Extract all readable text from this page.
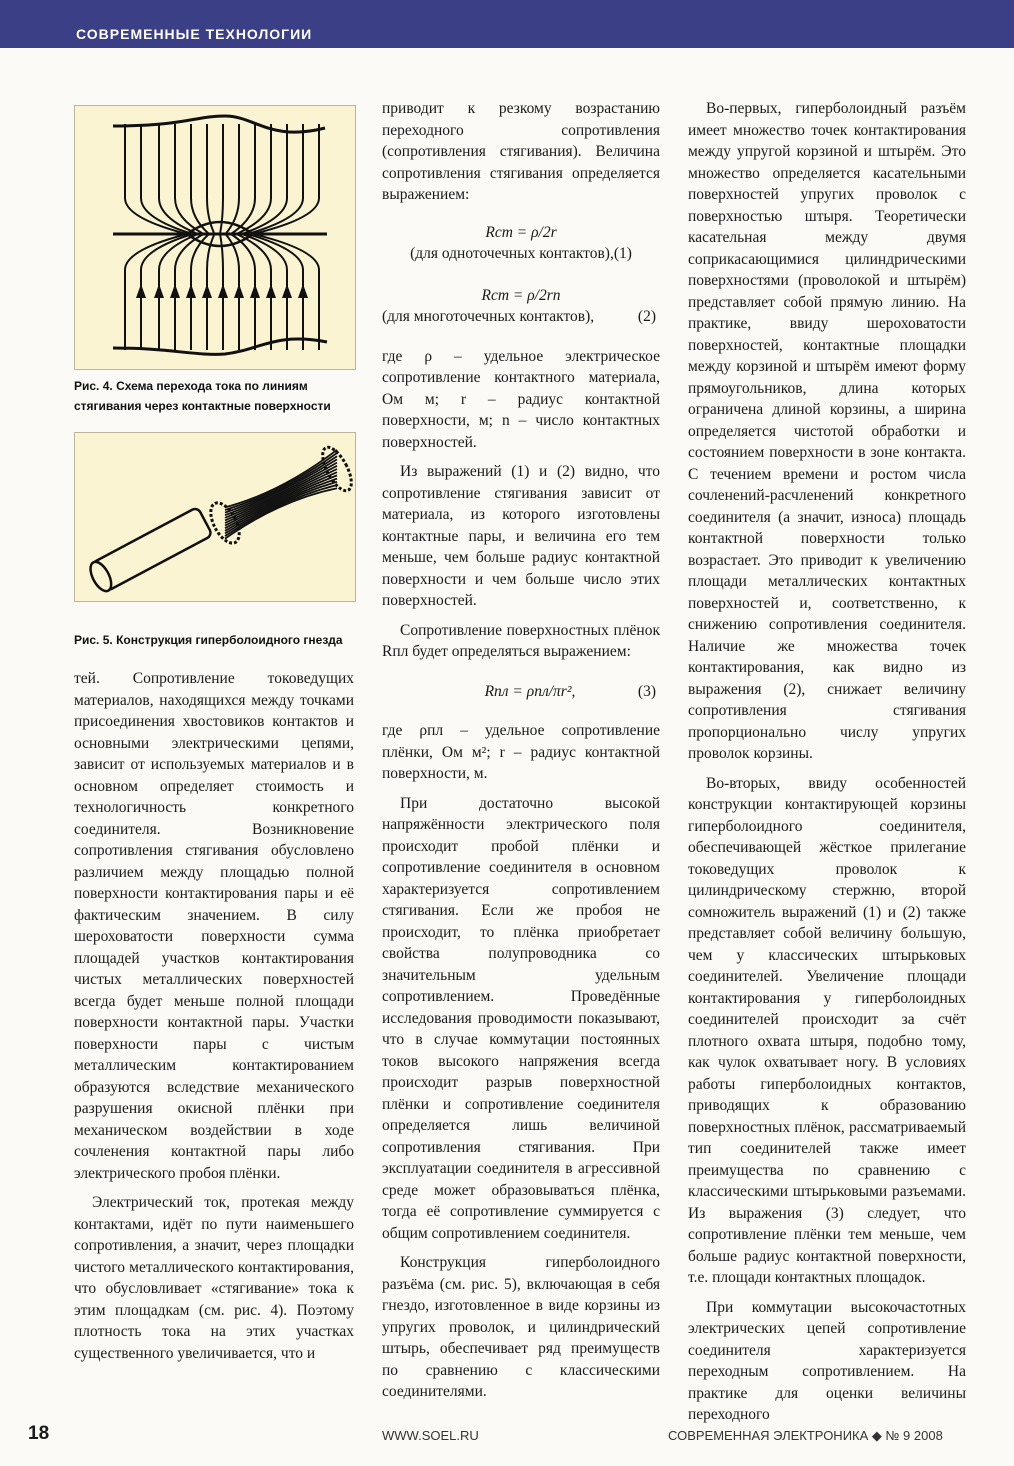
СОВРЕМЕННЫЕ ТЕХНОЛОГИИ
Рис. 4. Схема перехода тока по линиям
стягивания через контактные поверхности
Рис. 5. Конструкция гиперболоидного гнезда

тей. Сопротивление токоведущих материалов, находящихся между точками присоединения хвостовиков контактов и основными электрическими цепями, зависит от используемых материалов и в основном определяет стоимость и технологичность конкретного соединителя. Возникновение сопротивления стягивания обусловлено различием между площадью полной поверхности контактирования пары и её фактическим значением. В силу шероховатости поверхности сумма площадей участков контактирования чистых металлических поверхностей всегда будет меньше полной площади поверхности контактной пары. Участки поверхности пары с чистым металлическим контактированием образуются вследствие механического разрушения окисной плёнки при механическом воздействии в ходе сочленения контактной пары либо электрического пробоя плёнки.

Электрический ток, протекая между контактами, идёт по пути наименьшего сопротивления, а значит, через площадки чистого металлического контактирования, что обусловливает «стягивание» тока к этим площадкам (см. рис. 4). Поэтому плотность тока на этих участках существенного увеличивается, что и

приводит к резкому возрастанию переходного сопротивления (сопротивления стягивания). Величина сопротивления стягивания определяется выражением:

Rст = ρ/2r
(для одноточечных контактов),(1)
Rст = ρ/2rn
(для многоточечных контактов),	(2)

где ρ – удельное электрическое сопротивление контактного материала, Ом м; r – радиус контактной поверхности, м; n – число контактных поверхностей.

Из выражений (1) и (2) видно, что сопротивление стягивания зависит от материала, из которого изготовлены контактные пары, и величина его тем меньше, чем больше радиус контактной поверхности и чем больше число этих поверхностей.

Сопротивление поверхностных плёнок Rпл будет определяться выражением:

Rпл = ρпл/πr²,	(3)

где ρпл – удельное сопротивление плёнки, Ом м²; r – радиус контактной поверхности, м.

При достаточно высокой напряжённости электрического поля происходит пробой плёнки и сопротивление соединителя в основном характеризуется сопротивлением стягивания. Если же пробоя не происходит, то плёнка приобретает свойства полупроводника со значительным удельным сопротивлением. Проведённые исследования проводимости показывают, что в случае коммутации постоянных токов высокого напряжения всегда происходит разрыв поверхностной плёнки и сопротивление соединителя определяется лишь величиной сопротивления стягивания. При эксплуатации соединителя в агрессивной среде может образовываться плёнка, тогда её сопротивление суммируется с общим сопротивлением соединителя.

Конструкция гиперболоидного разъёма (см. рис. 5), включающая в себя гнездо, изготовленное в виде корзины из упругих проволок, и цилиндрический штырь, обеспечивает ряд преимуществ по сравнению с классическими соединителями.

Во-первых, гиперболоидный разъём имеет множество точек контактирования между упругой корзиной и штырём. Это множество определяется касательными поверхностей упругих проволок с поверхностью штыря. Теоретически касательная между двумя соприкасающимися цилиндрическими поверхностями (проволокой и штырём) представляет собой прямую линию. На практике, ввиду шероховатости поверхностей, контактные площадки между корзиной и штырём имеют форму прямоугольников, длина которых ограничена длиной корзины, а ширина определяется чистотой обработки и состоянием поверхности в зоне контакта. С течением времени и ростом числа сочленений-расчленений конкретного соединителя (а значит, износа) площадь контактной поверхности только возрастает. Это приводит к увеличению площади металлических контактных поверхностей и, соответственно, к снижению сопротивления соединителя. Наличие же множества точек контактирования, как видно из выражения (2), снижает величину сопротивления стягивания пропорционально числу упругих проволок корзины.

Во-вторых, ввиду особенностей конструкции контактирующей корзины гиперболоидного соединителя, обеспечивающей жёсткое прилегание токоведущих проволок к цилиндрическому стержню, второй сомножитель выражений (1) и (2) также представляет собой величину большую, чем у классических штырьковых соединителей. Увеличение площади контактирования у гиперболоидных соединителей происходит за счёт плотного охвата штыря, подобно тому, как чулок охватывает ногу. В условиях работы гиперболоидных контактов, приводящих к образованию поверхностных плёнок, рассматриваемый тип соединителей также имеет преимущества по сравнению с классическими штырьковыми разъемами. Из выражения (3) следует, что сопротивление плёнки тем меньше, чем больше радиус контактной поверхности, т.е. площади контактных площадок.

При коммутации высокочастотных электрических цепей сопротивление соединителя характеризуется переходным сопротивлением. На практике для оценки величины переходного

18	WWW.SOEL.RU	СОВРЕМЕННАЯ ЭЛЕКТРОНИКА ◆ № 9 2008
